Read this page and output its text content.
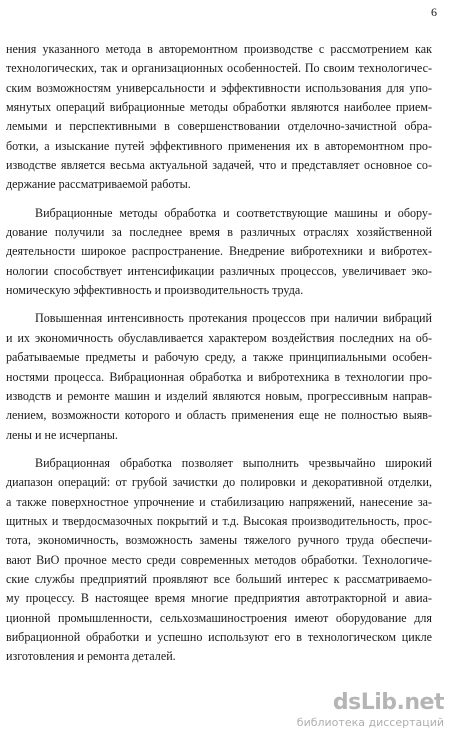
6

нения указанного метода в авторемонтном производстве с рассмотрением как
технологических, так и организационных особенностей. По своим технологичес-
ским возможностям универсальности и эффективности использования для упо-
мянутых операций вибрационные методы обработки являются наиболее прием-
лемыми и перспективными в совершенствовании отделочно-зачистной обра-
ботки, а изыскание путей эффективного применения их в авторемонтном про-
изводстве является весьма актуальной задачей, что и представляет основное со-
держание рассматриваемой работы.

Вибрационные методы обработка и соответствующие машины и обору-
дование получили за последнее время в различных отраслях хозяйственной
деятельности широкое распространение. Внедрение вибротехники и вибротех-
нологии способствует интенсификации различных процессов, увеличивает эко-
номическую эффективность и производительность труда.

Повышенная интенсивность протекания процессов при наличии вибраций
и их экономичность обуславливается характером воздействия последних на об-
рабатываемые предметы и рабочую среду, а также принципиальными особен-
ностями процесса. Вибрационная обработка и вибротехника в технологии про-
изводств и ремонте машин и изделий являются новым, прогрессивным направ-
лением, возможности которого и область применения еще не полностью выяв-
лены и не исчерпаны.

Вибрационная обработка позволяет выполнить чрезвычайно широкий
диапазон операций: от грубой зачистки до полировки и декоративной отделки,
а также поверхностное упрочнение и стабилизацию напряжений, нанесение за-
щитных и твердосмазочных покрытий и т.д. Высокая производительность, прос-
тота, экономичность, возможность замены тяжелого ручного труда обеспечи-
вают ВиО прочное место среди современных методов обработки. Технологиче-
ские службы предприятий проявляют все больший интерес к рассматриваемо-
му процессу. В настоящее время многие предприятия автотракторной и авиа-
ционной промышленности, сельхозмашиностроения имеют оборудование для
вибрационной обработки и успешно используют его в технологическом цикле
изготовления и ремонта деталей.

dsLib.net
библиотека диссертаций
